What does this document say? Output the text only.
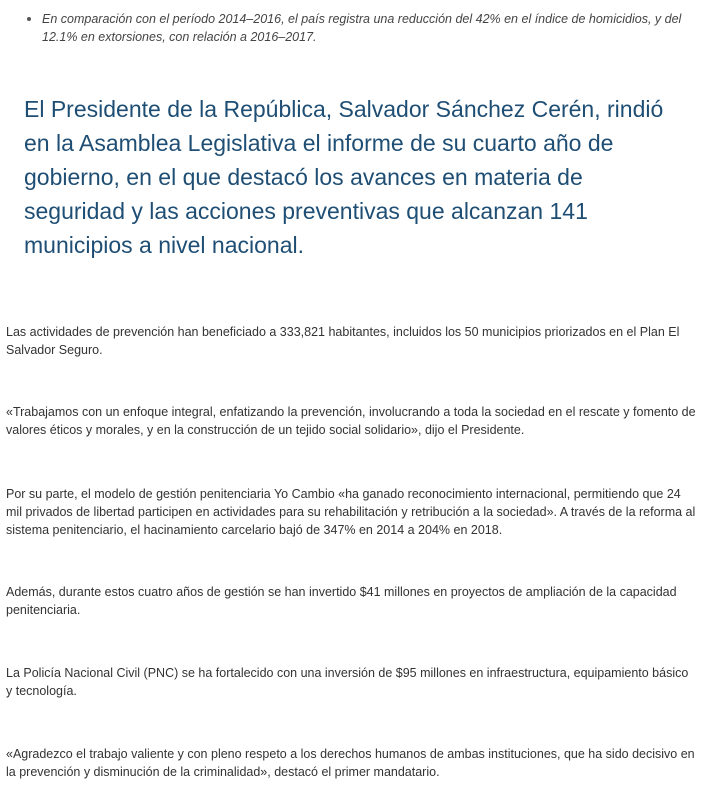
En comparación con el período 2014–2016, el país registra una reducción del 42% en el índice de homicidios, y del 12.1% en extorsiones, con relación a 2016–2017.
El Presidente de la República, Salvador Sánchez Cerén, rindió en la Asamblea Legislativa el informe de su cuarto año de gobierno, en el que destacó los avances en materia de seguridad y las acciones preventivas que alcanzan 141 municipios a nivel nacional.

Las actividades de prevención han beneficiado a 333,821 habitantes, incluidos los 50 municipios priorizados en el Plan El Salvador Seguro.

«Trabajamos con un enfoque integral, enfatizando la prevención, involucrando a toda la sociedad en el rescate y fomento de valores éticos y morales, y en la construcción de un tejido social solidario», dijo el Presidente.

Por su parte, el modelo de gestión penitenciaria Yo Cambio «ha ganado reconocimiento internacional, permitiendo que 24 mil privados de libertad participen en actividades para su rehabilitación y retribución a la sociedad». A través de la reforma al sistema penitenciario, el hacinamiento carcelario bajó de 347% en 2014 a 204% en 2018.

Además, durante estos cuatro años de gestión se han invertido $41 millones en proyectos de ampliación de la capacidad penitenciaria.

La Policía Nacional Civil (PNC) se ha fortalecido con una inversión de $95 millones en infraestructura, equipamiento básico y tecnología.

«Agradezco el trabajo valiente y con pleno respeto a los derechos humanos de ambas instituciones, que ha sido decisivo en la prevención y disminución de la criminalidad», destacó el primer mandatario.
